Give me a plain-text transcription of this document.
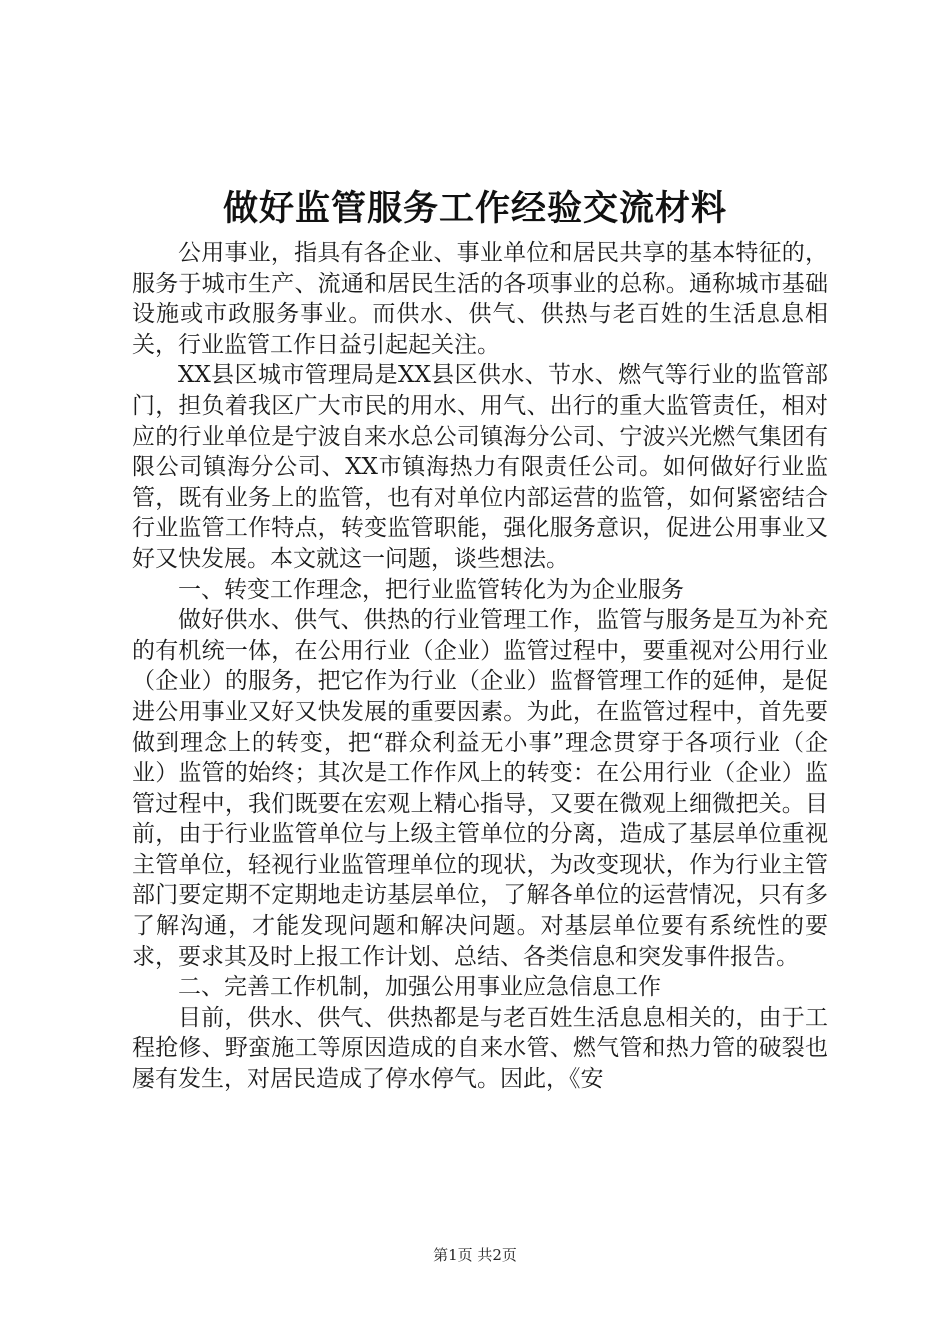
做好监管服务工作经验交流材料

公用事业，指具有各企业、事业单位和居民共享的基本特征的，服务于城市生产、流通和居民生活的各项事业的总称。通称城市基础设施或市政服务事业。而供水、供气、供热与老百姓的生活息息相关，行业监管工作日益引起起关注。

XX县区城市管理局是XX县区供水、节水、燃气等行业的监管部门，担负着我区广大市民的用水、用气、出行的重大监管责任，相对应的行业单位是宁波自来水总公司镇海分公司、宁波兴光燃气集团有限公司镇海分公司、XX市镇海热力有限责任公司。如何做好行业监管，既有业务上的监管，也有对单位内部运营的监管，如何紧密结合行业监管工作特点，转变监管职能，强化服务意识，促进公用事业又好又快发展。本文就这一问题，谈些想法。

一、转变工作理念，把行业监管转化为为企业服务

做好供水、供气、供热的行业管理工作，监管与服务是互为补充的有机统一体，在公用行业（企业）监管过程中，要重视对公用行业（企业）的服务，把它作为行业（企业）监督管理工作的延伸，是促进公用事业又好又快发展的重要因素。为此，在监管过程中，首先要做到理念上的转变，把“群众利益无小事”理念贯穿于各项行业（企业）监管的始终；其次是工作作风上的转变：在公用行业（企业）监管过程中，我们既要在宏观上精心指导，又要在微观上细微把关。目前，由于行业监管单位与上级主管单位的分离，造成了基层单位重视主管单位，轻视行业监管理单位的现状，为改变现状，作为行业主管部门要定期不定期地走访基层单位，了解各单位的运营情况，只有多了解沟通，才能发现问题和解决问题。对基层单位要有系统性的要求，要求其及时上报工作计划、总结、各类信息和突发事件报告。

二、完善工作机制，加强公用事业应急信息工作

目前，供水、供气、供热都是与老百姓生活息息相关的，由于工程抢修、野蛮施工等原因造成的自来水管、燃气管和热力管的破裂也屡有发生，对居民造成了停水停气。因此，《安

第1页 共2页
